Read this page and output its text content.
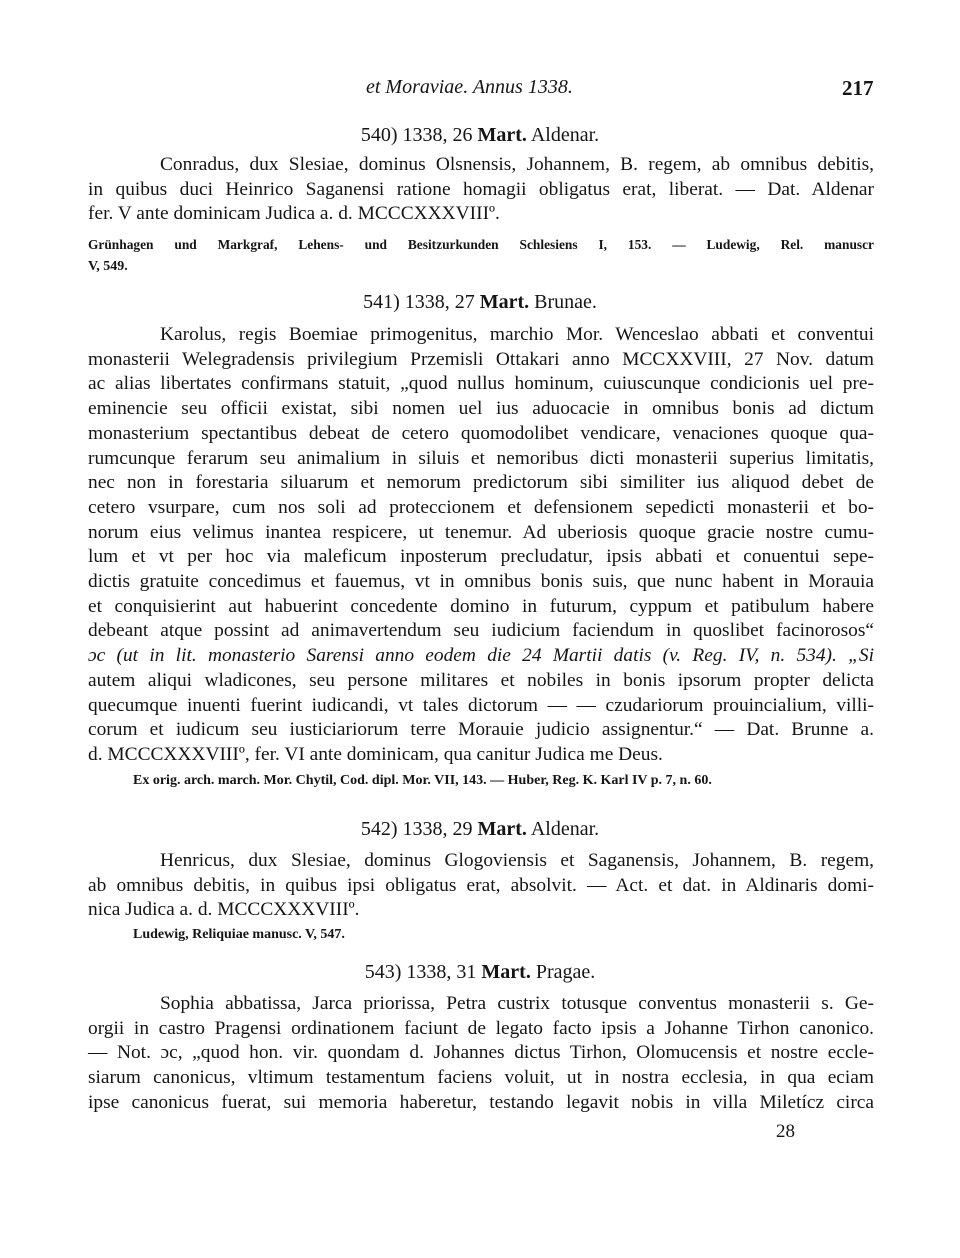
et Moraviae. Annus 1338.	217
540) 1338, 26 Mart. Aldenar.
Conradus, dux Slesiae, dominus Olsnensis, Johannem, B. regem, ab omnibus debitis,
in quibus duci Heinrico Saganensi ratione homagii obligatus erat, liberat. — Dat. Aldenar
fer. V ante dominicam Judica a. d. MCCCXXXVIIIº.
Grünhagen und Markgraf, Lehens- und Besitzurkunden Schlesiens I, 153. — Ludewig, Rel. manuscr
V, 549.
541) 1338, 27 Mart. Brunae.
Karolus, regis Boemiae primogenitus, marchio Mor. Wenceslao abbati et conventui
monasterii Welegradensis privilegium Przemisli Ottakari anno MCCXXVIII, 27 Nov. datum
ac alias libertates confirmans statuit, „quod nullus hominum, cuiuscunque condicionis uel pre-
eminencie seu officii existat, sibi nomen uel ius aduocacie in omnibus bonis ad dictum
monasterium spectantibus debeat de cetero quomodolibet vendicare, venaciones quoque qua-
rumcunque ferarum seu animalium in siluis et nemoribus dicti monasterii superius limitatis,
nec non in forestaria siluarum et nemorum predictorum sibi similiter ius aliquod debet de
cetero vsurpare, cum nos soli ad proteccionem et defensionem sepedicti monasterii et bo-
norum eius velimus inantea respicere, ut tenemur. Ad uberiosis quoque gracie nostre cumu-
lum et vt per hoc via maleficum inposterum precludatur, ipsis abbati et conuentui sepe-
dictis gratuite concedimus et fauemus, vt in omnibus bonis suis, que nunc habent in Morauia
et conquisierint aut habuerint concedente domino in futurum, cyppum et patibulum habere
debeant atque possint ad animavertendum seu iudicium faciendum in quoslibet facinorosos“
ɔc (ut in lit. monasterio Sarensi anno eodem die 24 Martii datis (v. Reg. IV, n. 534). „Si
autem aliqui wladicones, seu persone militares et nobiles in bonis ipsorum propter delicta
quecumque inuenti fuerint iudicandi, vt tales dictorum — — czudariorum prouincialium, villi-
corum et iudicum seu iusticiariorum terre Morauie judicio assignentur.“ — Dat. Brunne a.
d. MCCCXXXVIIIº, fer. VI ante dominicam, qua canitur Judica me Deus.
Ex orig. arch. march. Mor. Chytil, Cod. dipl. Mor. VII, 143. — Huber, Reg. K. Karl IV p. 7, n. 60.
542) 1338, 29 Mart. Aldenar.
Henricus, dux Slesiae, dominus Glogoviensis et Saganensis, Johannem, B. regem,
ab omnibus debitis, in quibus ipsi obligatus erat, absolvit. — Act. et dat. in Aldinaris domi-
nica Judica a. d. MCCCXXXVIIIº.
Ludewig, Reliquiae manusc. V, 547.
543) 1338, 31 Mart. Pragae.
Sophia abbatissa, Jarca priorissa, Petra custrix totusque conventus monasterii s. Ge-
orgii in castro Pragensi ordinationem faciunt de legato facto ipsis a Johanne Tirhon canonico.
— Not. ɔc, „quod hon. vir. quondam d. Johannes dictus Tirhon, Olomucensis et nostre eccle-
siarum canonicus, vltimum testamentum faciens voluit, ut in nostra ecclesia, in qua eciam
ipse canonicus fuerat, sui memoria haberetur, testando legavit nobis in villa Miletícz circa
28
